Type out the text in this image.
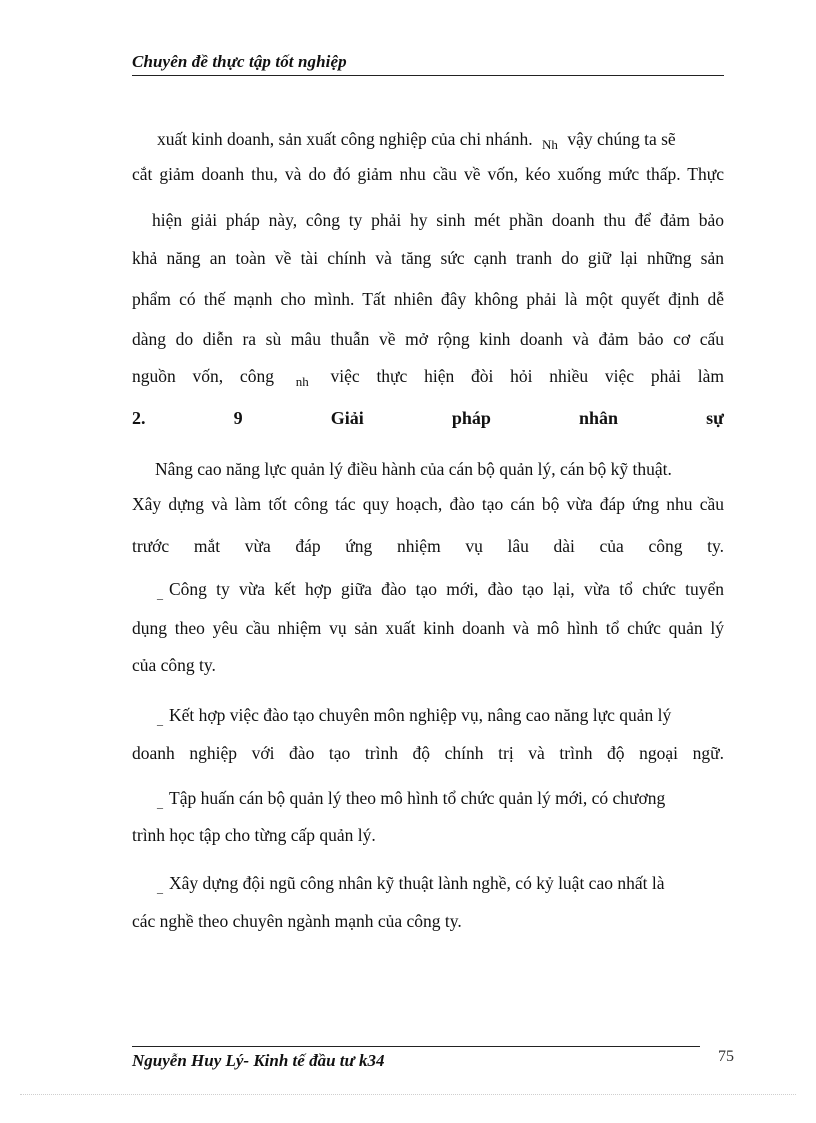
Chuyên đề thực tập tốt nghiệp
xuất kinh doanh, sản xuất công nghiệp của chi nhánh. $_{Nh}$ vậy chúng ta sẽ
cắt giảm doanh thu, và do đó giảm nhu cầu về vốn, kéo xuống mức thấp. Thực
hiện giải pháp này, công ty phải hy sinh mét phần doanh thu để đảm bảo
khả năng an toàn về tài chính và tăng sức cạnh tranh do giữ lại những sản
phẩm có thế mạnh cho mình. Tất nhiên đây không phải là một quyết định dễ
dàng do diễn ra sù mâu thuẫn về mở rộng kinh doanh và đảm bảo cơ cấu
nguồn vốn, công $_{nh}$ việc thực hiện đòi hỏi nhiều việc phải làm
2.	9	Giải	pháp	nhân	sự
Nâng cao năng lực quản lý điều hành của cán bộ quản lý, cán bộ kỹ thuật.
Xây dựng và làm tốt công tác quy hoạch, đào tạo cán bộ vừa đáp ứng nhu cầu
trước mắt vừa đáp ứng nhiệm vụ lâu dài của công ty.
_ Công ty vừa kết hợp giữa đào tạo mới, đào tạo lại, vừa tổ chức tuyển
dụng theo yêu cầu nhiệm vụ sản xuất kinh doanh và mô hình tổ chức quản lý
của công ty.
_ Kết hợp việc đào tạo chuyên môn nghiệp vụ, nâng cao năng lực quản lý
doanh nghiệp với đào tạo trình độ chính trị và trình độ ngoại ngữ.
_ Tập huấn cán bộ quản lý theo mô hình tổ chức quản lý mới, có chương
trình học tập cho từng cấp quản lý.
_ Xây dựng đội ngũ công nhân kỹ thuật lành nghề, có kỷ luật cao nhất là
các nghề theo chuyên ngành mạnh của công ty.
Nguyễn Huy Lý- Kinh tế đầu tư k34	75
